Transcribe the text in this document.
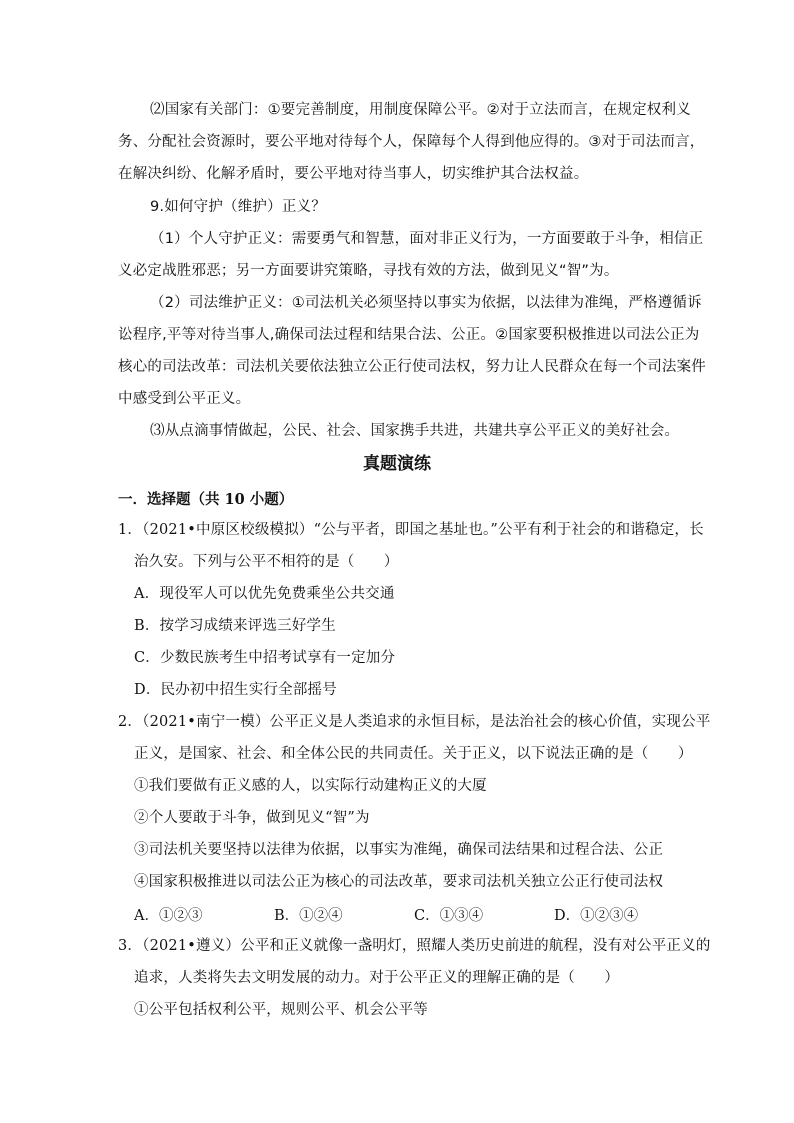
⑵国家有关部门：①要完善制度，用制度保障公平。②对于立法而言，在规定权利义
务、分配社会资源时，要公平地对待每个人，保障每个人得到他应得的。③对于司法而言，
在解决纠纷、化解矛盾时，要公平地对待当事人，切实维护其合法权益。
9.如何守护（维护）正义？
（1）个人守护正义：需要勇气和智慧，面对非正义行为，一方面要敢于斗争，相信正
义必定战胜邪恶；另一方面要讲究策略，寻找有效的方法，做到见义“智”为。
（2）司法维护正义：①司法机关必须坚持以事实为依据，以法律为准绳，严格遵循诉
讼程序,平等对待当事人,确保司法过程和结果合法、公正。②国家要积极推进以司法公正为
核心的司法改革：司法机关要依法独立公正行使司法权，努力让人民群众在每一个司法案件
中感受到公平正义。
⑶从点滴事情做起，公民、社会、国家携手共进，共建共享公平正义的美好社会。
真题演练
一．选择题（共 10 小题）
1．（2021•中原区校级模拟）“公与平者，即国之基址也。”公平有利于社会的和谐稳定，长
治久安。下列与公平不相符的是（　　）
A．现役军人可以优先免费乘坐公共交通
B．按学习成绩来评选三好学生
C．少数民族考生中招考试享有一定加分
D．民办初中招生实行全部摇号
2．（2021•南宁一模）公平正义是人类追求的永恒目标，是法治社会的核心价值，实现公平
正义，是国家、社会、和全体公民的共同责任。关于正义，以下说法正确的是（　　）
①我们要做有正义感的人，以实际行动建构正义的大厦
②个人要敢于斗争，做到见义“智”为
③司法机关要坚持以法律为依据，以事实为准绳，确保司法结果和过程合法、公正
④国家积极推进以司法公正为核心的司法改革，要求司法机关独立公正行使司法权
A．①②③	B．①②④	C．①③④	D．①②③④
3．（2021•遵义）公平和正义就像一盏明灯，照耀人类历史前进的航程，没有对公平正义的
追求，人类将失去文明发展的动力。对于公平正义的理解正确的是（　　）
①公平包括权利公平，规则公平、机会公平等
